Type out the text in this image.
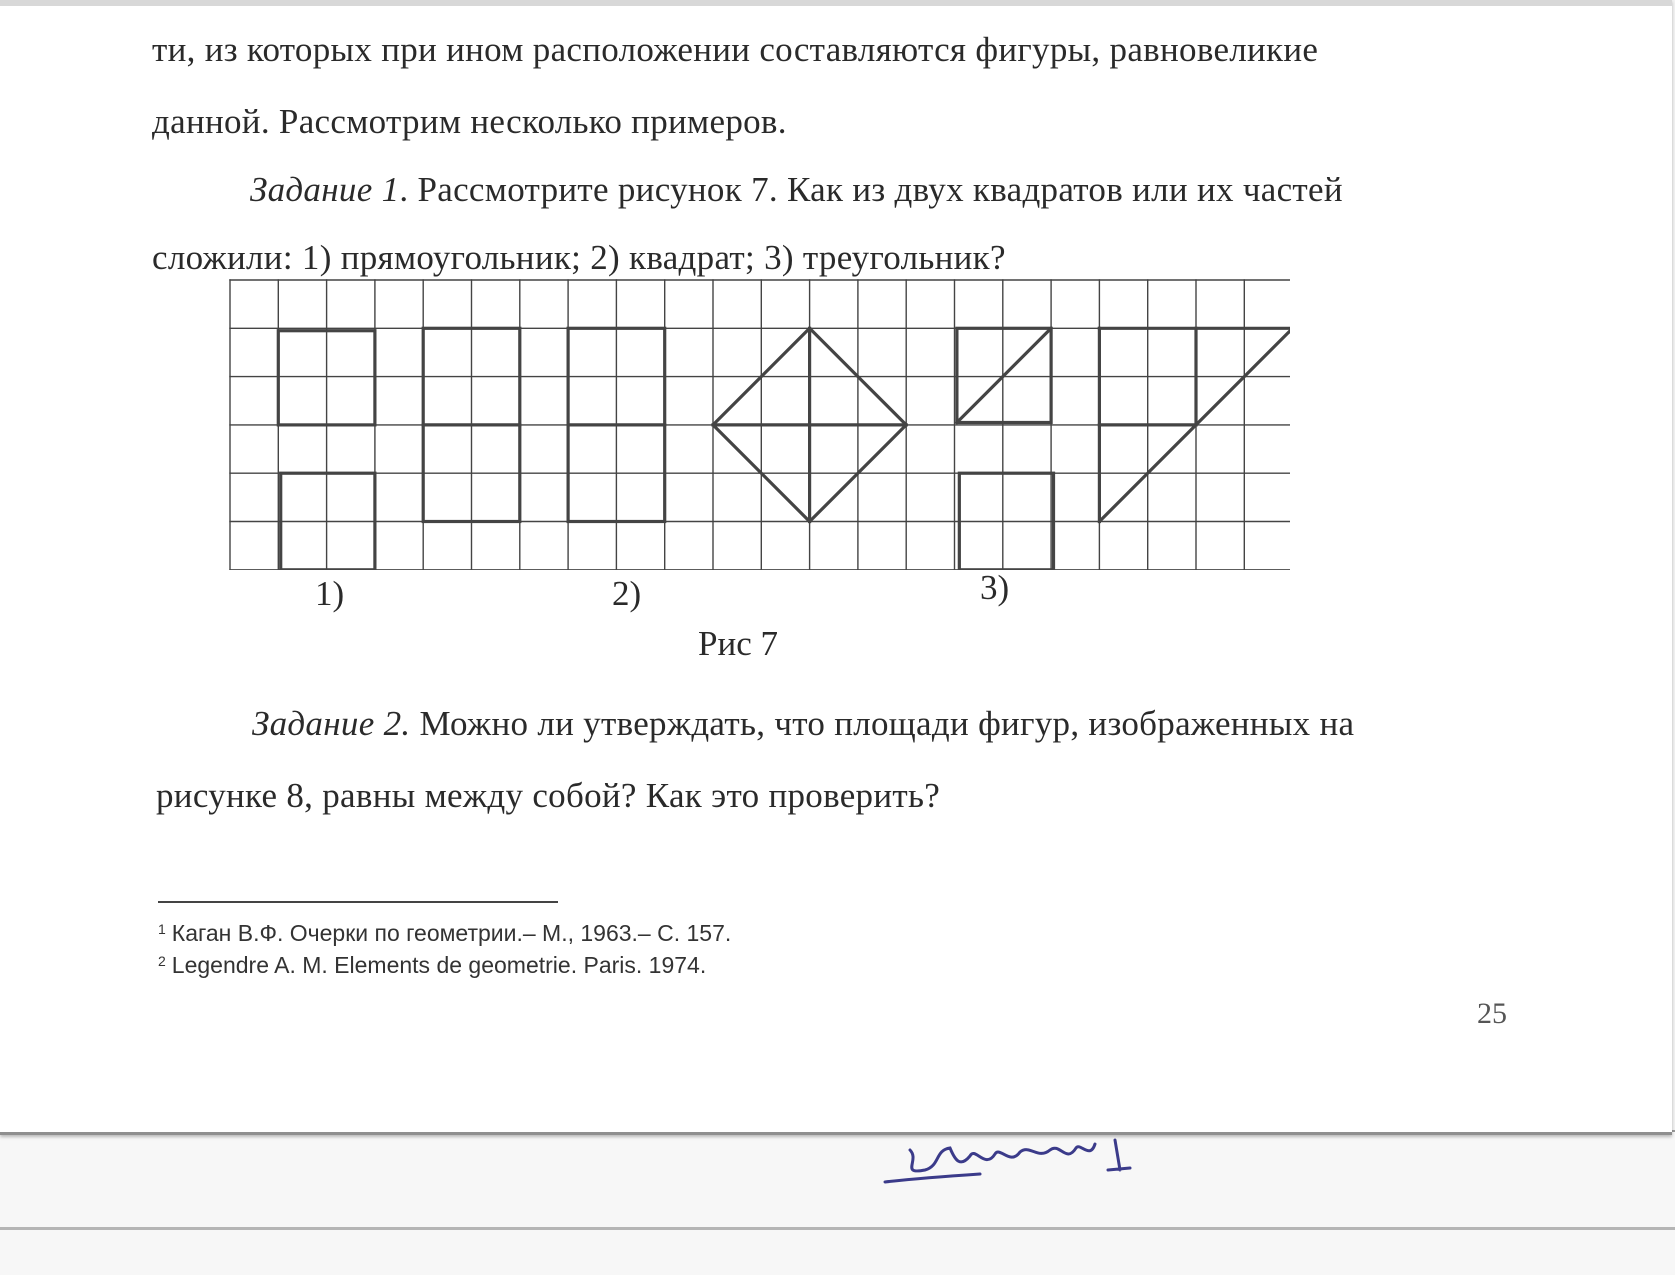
ти, из которых при ином расположении составляются фигуры, равновеликие
данной. Рассмотрим несколько примеров.
Задание 1. Рассмотрите рисунок 7. Как из двух квадратов или их частей
сложили: 1) прямоугольник; 2) квадрат; 3) треугольник?
1)	2)	3)
Рис 7
Задание 2. Можно ли утверждать, что площади фигур, изображенных на
рисунке 8, равны между собой? Как это проверить?
$^1$ Каган В.Ф. Очерки по геометрии.– М., 1963.– С. 157.
$^2$ Legendre A. M. Elements de geometrie. Paris. 1974.
25
